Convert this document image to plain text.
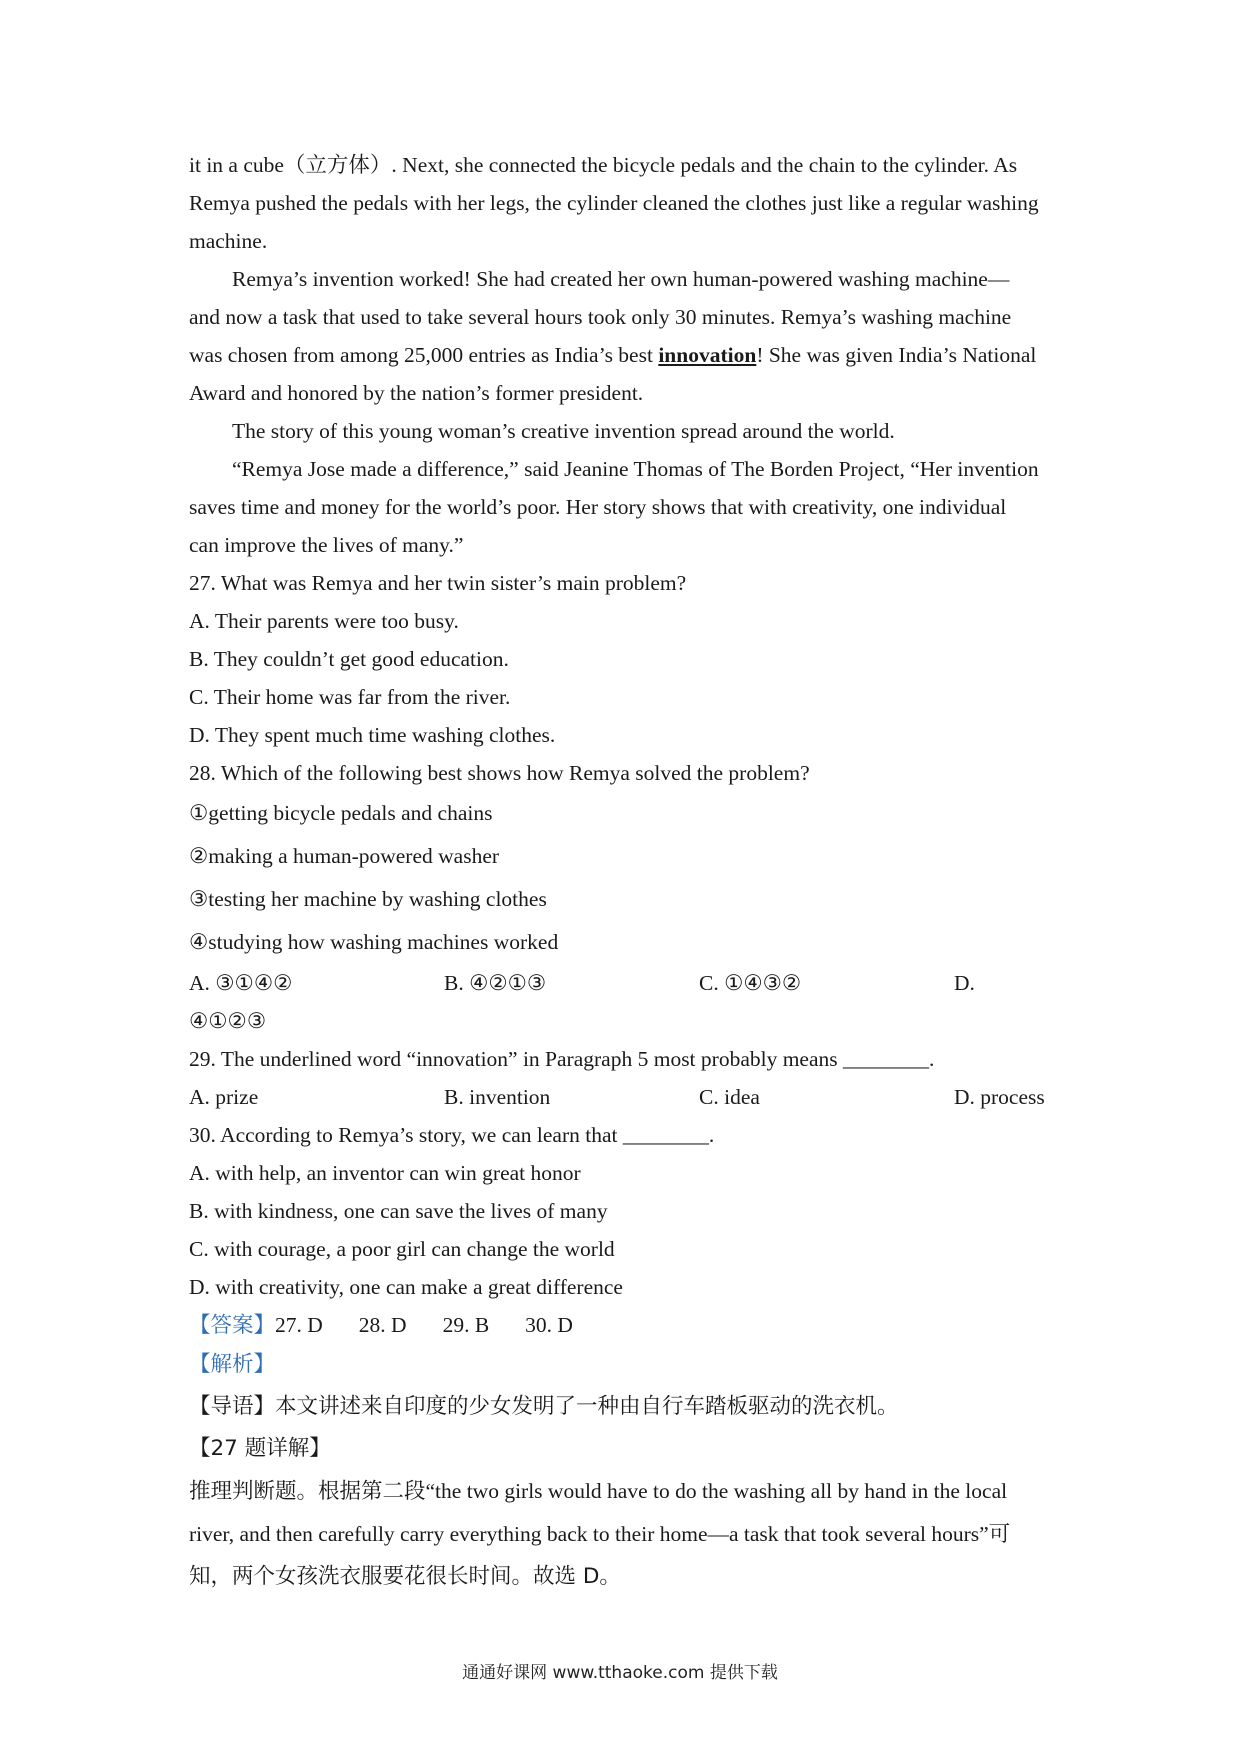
it in a cube（立方体）. Next, she connected the bicycle pedals and the chain to the cylinder. As
Remya pushed the pedals with her legs, the cylinder cleaned the clothes just like a regular washing
machine.
Remya’s invention worked! She had created her own human-powered washing machine—
and now a task that used to take several hours took only 30 minutes. Remya’s washing machine
was chosen from among 25,000 entries as India’s best innovation! She was given India’s National
Award and honored by the nation’s former president.
The story of this young woman’s creative invention spread around the world.
“Remya Jose made a difference,” said Jeanine Thomas of The Borden Project, “Her invention
saves time and money for the world’s poor. Her story shows that with creativity, one individual
can improve the lives of many.”
27. What was Remya and her twin sister’s main problem?
A. Their parents were too busy.
B. They couldn’t get good education.
C. Their home was far from the river.
D. They spent much time washing clothes.
28. Which of the following best shows how Remya solved the problem?
①getting bicycle pedals and chains
②making a human-powered washer
③testing her machine by washing clothes
④studying how washing machines worked
A. ③①④②	B. ④②①③	C. ①④③②	D.
④①②③
29. The underlined word “innovation” in Paragraph 5 most probably means ________.
A. prize	B. invention	C. idea	D. process
30. According to Remya’s story, we can learn that ________.
A. with help, an inventor can win great honor
B. with kindness, one can save the lives of many
C. with courage, a poor girl can change the world
D. with creativity, one can make a great difference
【答案】27. D 28. D 29. B 30. D
【解析】
【导语】本文讲述来自印度的少女发明了一种由自行车踏板驱动的洗衣机。
【27 题详解】
推理判断题。根据第二段“the two girls would have to do the washing all by hand in the local
river, and then carefully carry everything back to their home—a task that took several hours”可
知，两个女孩洗衣服要花很长时间。故选 D。
通通好课网 www.tthaoke.com 提供下载
